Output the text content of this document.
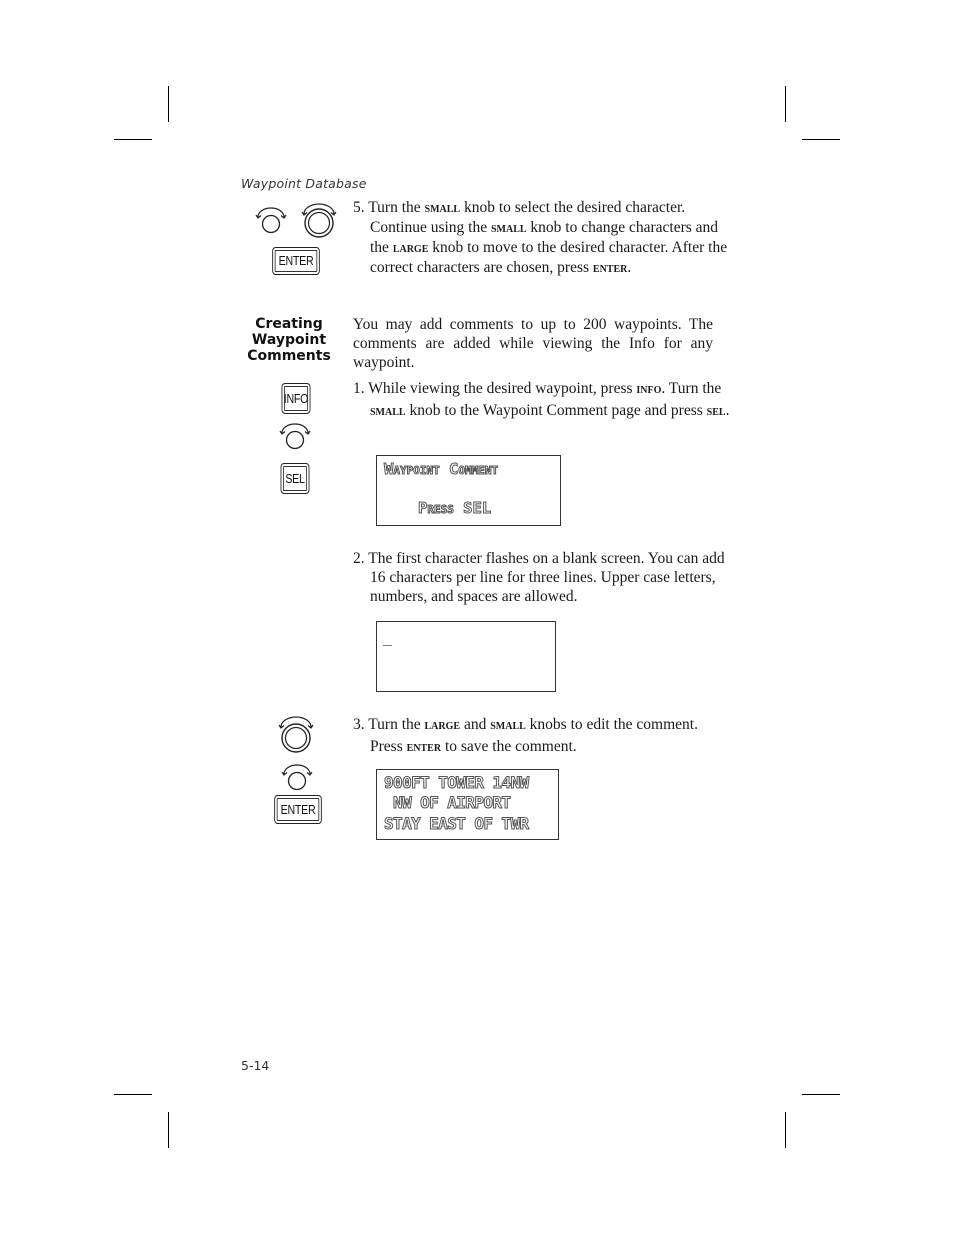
Waypoint Database
ENTER
5. Turn the small knob to select the desired character. Continue using the small knob to change characters and the large knob to move to the desired character. After the correct characters are chosen, press enter.
Creating
Waypoint
Comments
You may add comments to up to 200 waypoints. The comments are added while viewing the Info for any waypoint.
INFO
SEL
1. While viewing the desired waypoint, press info. Turn the small knob to the Waypoint Comment page and press sel.
Waypoint Comment
Press SEL
2. The first character flashes on a blank screen. You can add 16 characters per line for three lines. Upper case letters, numbers, and spaces are allowed.
_
ENTER
3. Turn the large and small knobs to edit the comment. Press enter to save the comment.
900FT TOWER 14NW
NW OF AIRPORT
STAY EAST OF TWR
5-14
